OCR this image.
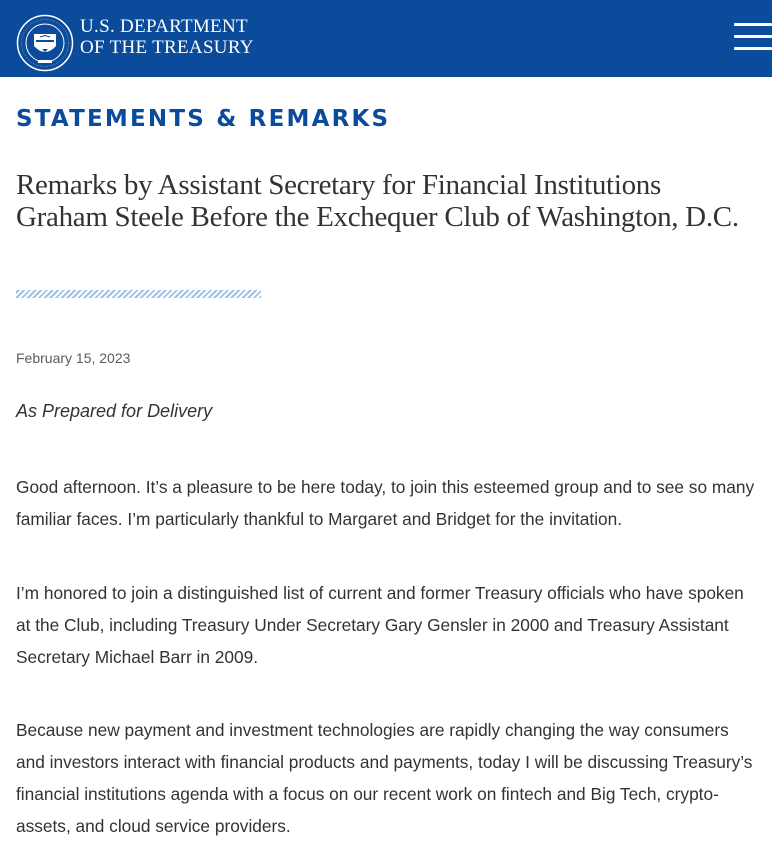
U.S. DEPARTMENT
OF THE TREASURY
STATEMENTS & REMARKS
Remarks by Assistant Secretary for Financial Institutions Graham Steele Before the Exchequer Club of Washington, D.C.
February 15, 2023
As Prepared for Delivery

Good afternoon. It’s a pleasure to be here today, to join this esteemed group and to see so many familiar faces. I’m particularly thankful to Margaret and Bridget for the invitation.

I’m honored to join a distinguished list of current and former Treasury officials who have spoken at the Club, including Treasury Under Secretary Gary Gensler in 2000 and Treasury Assistant Secretary Michael Barr in 2009.

Because new payment and investment technologies are rapidly changing the way consumers and investors interact with financial products and payments, today I will be discussing Treasury’s financial institutions agenda with a focus on our recent work on fintech and Big Tech, crypto-assets, and cloud service providers.
